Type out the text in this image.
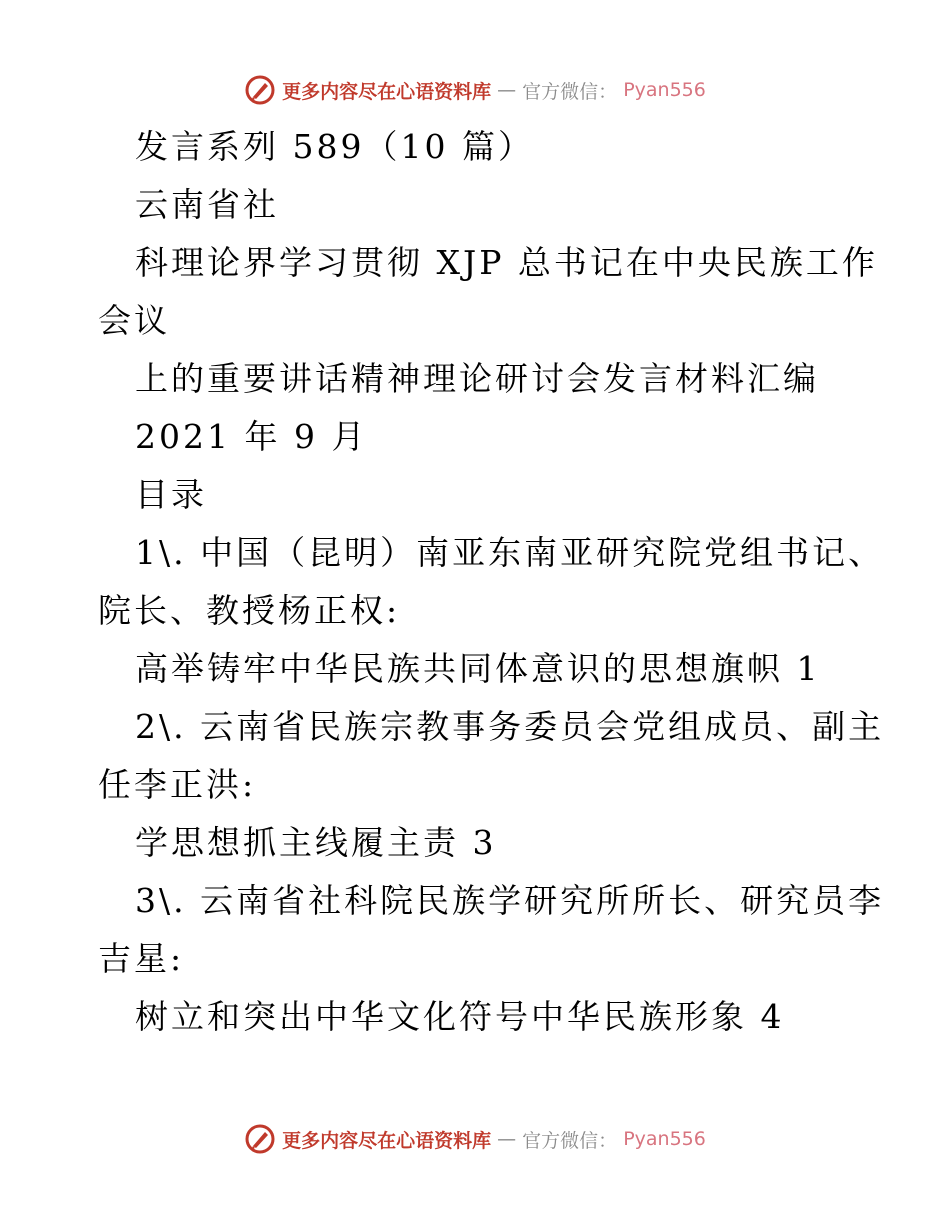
更多内容尽在心语资料库 — 官方微信： Pyan556
发言系列 589（10 篇）
云南省社
科理论界学习贯彻 XJP 总书记在中央民族工作
会议
上的重要讲话精神理论研讨会发言材料汇编
2021 年 9 月
目录
1\. 中国（昆明）南亚东南亚研究院党组书记、
院长、教授杨正权:
高举铸牢中华民族共同体意识的思想旗帜 1
2\. 云南省民族宗教事务委员会党组成员、副主
任李正洪:
学思想抓主线履主责 3
3\. 云南省社科院民族学研究所所长、研究员李
吉星:
树立和突出中华文化符号中华民族形象 4
更多内容尽在心语资料库 — 官方微信： Pyan556
